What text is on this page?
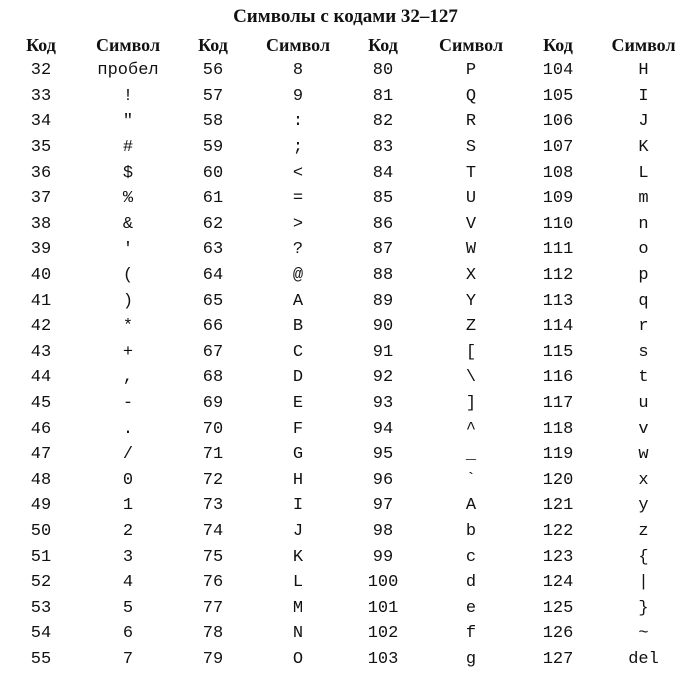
Символы с кодами 32–127
Код	Символ	Код	Символ	Код	Символ	Код	Символ
32	пробел	56	8	80	P	104	H
33	!	57	9	81	Q	105	I
34	"	58	:	82	R	106	J
35	#	59	;	83	S	107	K
36	$	60	<	84	T	108	L
37	%	61	=	85	U	109	m
38	&	62	>	86	V	110	n
39	'	63	?	87	W	111	o
40	(	64	@	88	X	112	p
41	)	65	A	89	Y	113	q
42	*	66	B	90	Z	114	r
43	+	67	C	91	[	115	s
44	,	68	D	92	\	116	t
45	-	69	E	93	]	117	u
46	.	70	F	94	^	118	v
47	/	71	G	95	_	119	w
48	0	72	H	96	`	120	x
49	1	73	I	97	A	121	y
50	2	74	J	98	b	122	z
51	3	75	K	99	c	123	{
52	4	76	L	100	d	124	|
53	5	77	M	101	e	125	}
54	6	78	N	102	f	126	~
55	7	79	O	103	g	127	del
